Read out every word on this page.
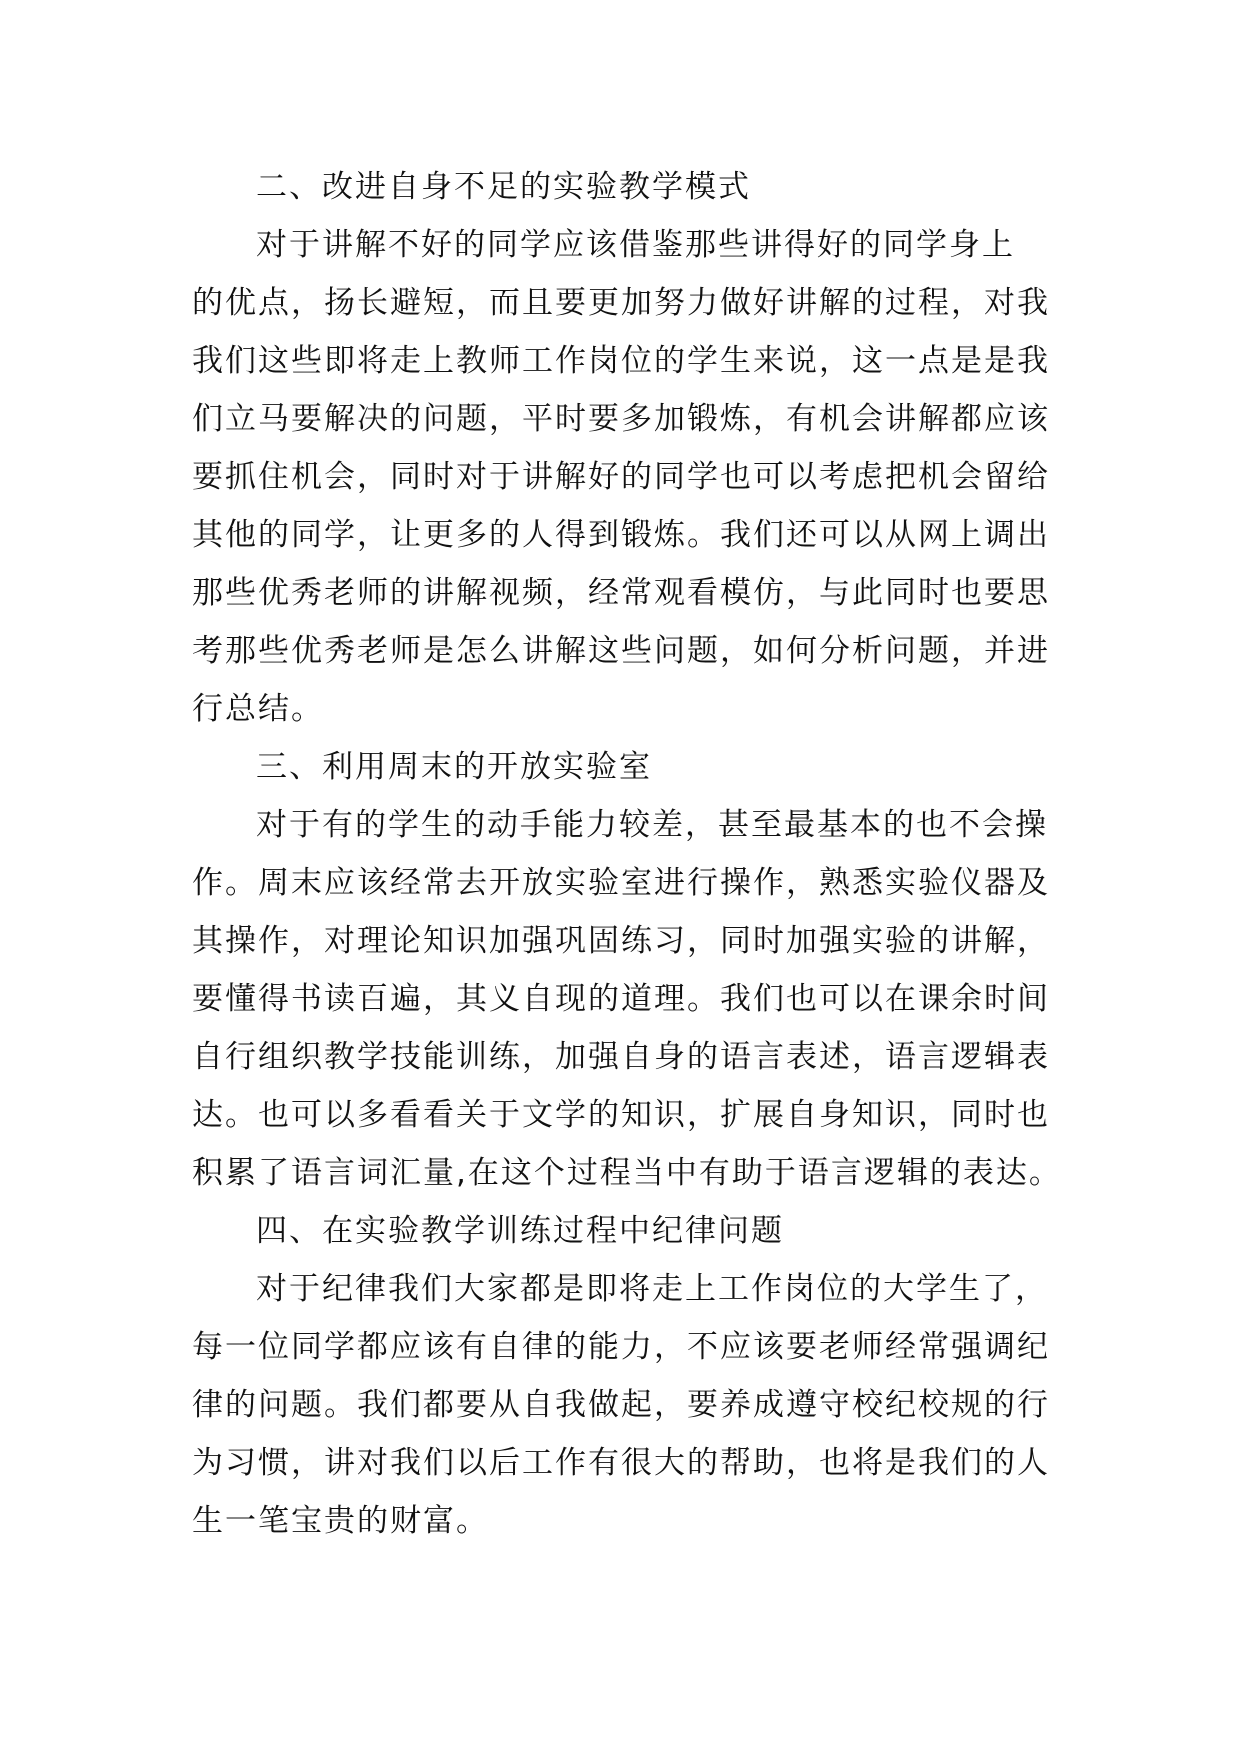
二、改进自身不足的实验教学模式
对于讲解不好的同学应该借鉴那些讲得好的同学身上
的优点，扬长避短，而且要更加努力做好讲解的过程，对我
我们这些即将走上教师工作岗位的学生来说，这一点是是我
们立马要解决的问题，平时要多加锻炼，有机会讲解都应该
要抓住机会，同时对于讲解好的同学也可以考虑把机会留给
其他的同学，让更多的人得到锻炼。我们还可以从网上调出
那些优秀老师的讲解视频，经常观看模仿，与此同时也要思
考那些优秀老师是怎么讲解这些问题，如何分析问题，并进
行总结。
三、利用周末的开放实验室
对于有的学生的动手能力较差，甚至最基本的也不会操
作。周末应该经常去开放实验室进行操作，熟悉实验仪器及
其操作，对理论知识加强巩固练习，同时加强实验的讲解，
要懂得书读百遍，其义自现的道理。我们也可以在课余时间
自行组织教学技能训练，加强自身的语言表述，语言逻辑表
达。也可以多看看关于文学的知识，扩展自身知识，同时也
积累了语言词汇量,在这个过程当中有助于语言逻辑的表达。
四、在实验教学训练过程中纪律问题
对于纪律我们大家都是即将走上工作岗位的大学生了，
每一位同学都应该有自律的能力，不应该要老师经常强调纪
律的问题。我们都要从自我做起，要养成遵守校纪校规的行
为习惯，讲对我们以后工作有很大的帮助，也将是我们的人
生一笔宝贵的财富。
